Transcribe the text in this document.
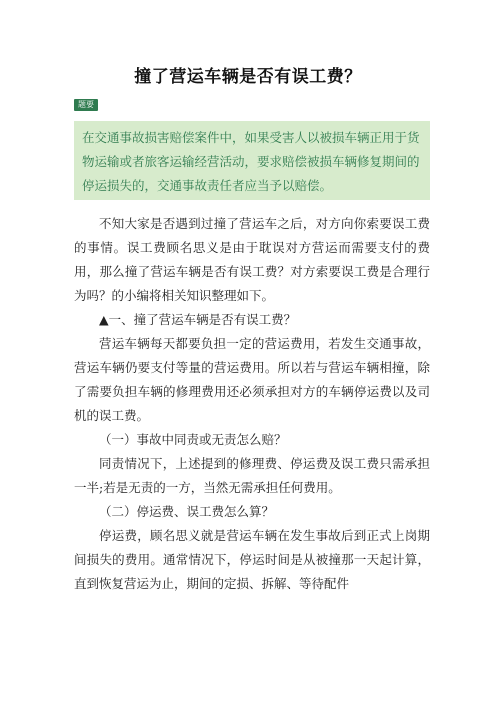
撞了营运车辆是否有误工费？
题要
在交通事故损害赔偿案件中，如果受害人以被损车辆正用于货物运输或者旅客运输经营活动，要求赔偿被损车辆修复期间的停运损失的，交通事故责任者应当予以赔偿。

不知大家是否遇到过撞了营运车之后，对方向你索要误工费的事情。误工费顾名思义是由于耽误对方营运而需要支付的费用，那么撞了营运车辆是否有误工费？对方索要误工费是合理行为吗？的小编将相关知识整理如下。

▲一、撞了营运车辆是否有误工费？

营运车辆每天都要负担一定的营运费用，若发生交通事故，营运车辆仍要支付等量的营运费用。所以若与营运车辆相撞，除了需要负担车辆的修理费用还必须承担对方的车辆停运费以及司机的误工费。

（一）事故中同责或无责怎么赔？

同责情况下，上述提到的修理费、停运费及误工费只需承担一半;若是无责的一方，当然无需承担任何费用。

（二）停运费、误工费怎么算？

停运费，顾名思义就是营运车辆在发生事故后到正式上岗期间损失的费用。通常情况下，停运时间是从被撞那一天起计算，直到恢复营运为止，期间的定损、拆解、等待配件
